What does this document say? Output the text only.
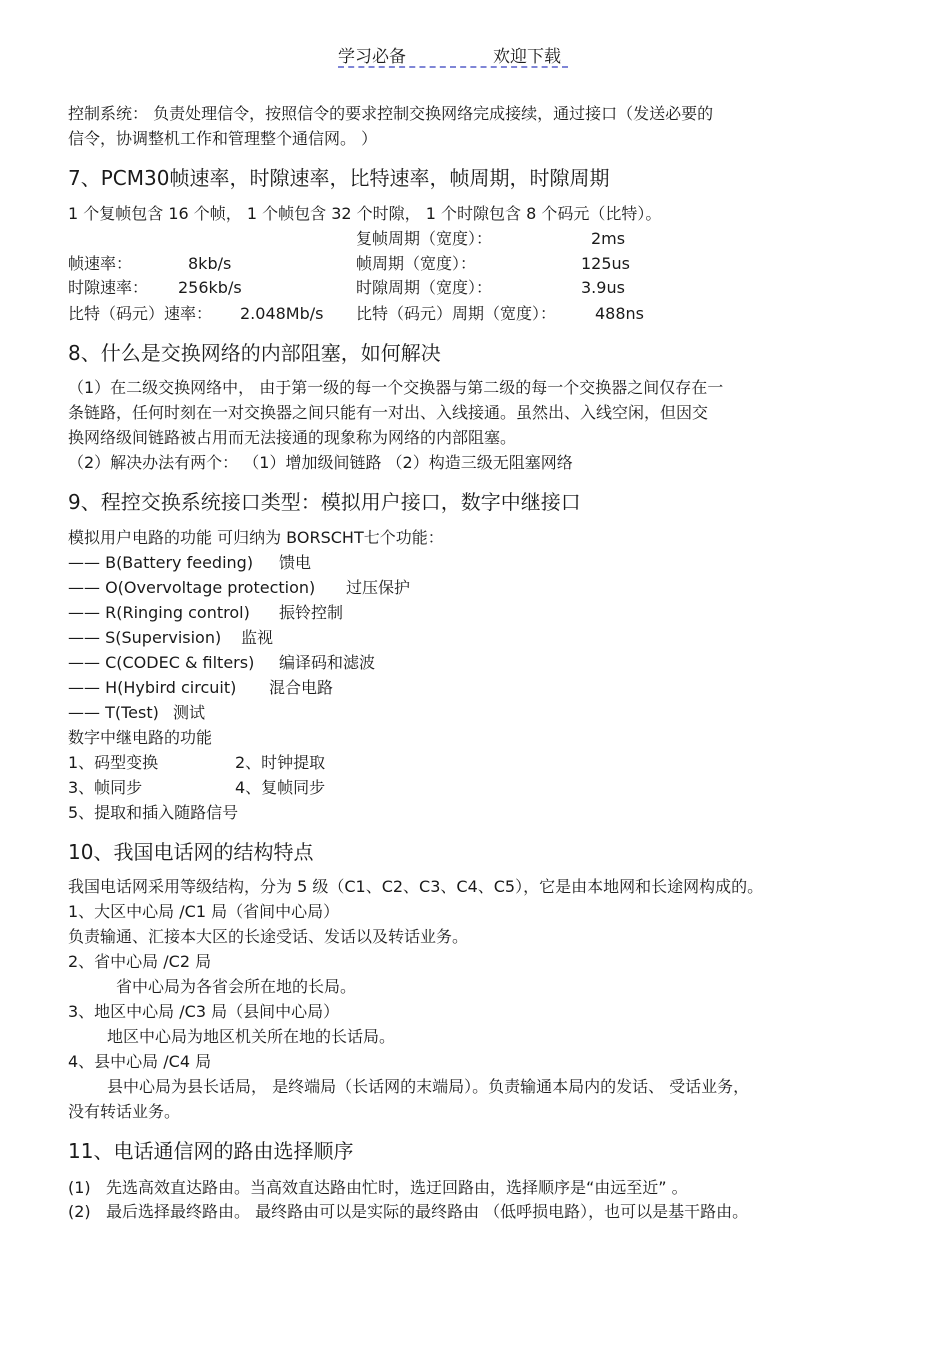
学习必备	欢迎下载
控制系统： 负责处理信令，按照信令的要求控制交换网络完成接续，通过接口（发送必要的
信令，协调整机工作和管理整个通信网。 ）
7、PCM30帧速率，时隙速率，比特速率，帧周期，时隙周期
1 个复帧包含 16 个帧， 1 个帧包含 32 个时隙， 1 个时隙包含 8 个码元（比特）。
复帧周期（宽度）：	2ms
帧速率：	8kb/s	帧周期（宽度）：	125us
时隙速率： 256kb/s	时隙周期（宽度）：	3.9us
比特（码元）速率： 2.048Mb/s 比特（码元）周期（宽度）： 488ns
8、什么是交换网络的内部阻塞，如何解决
（1）在二级交换网络中， 由于第一级的每一个交换器与第二级的每一个交换器之间仅存在一
条链路，任何时刻在一对交换器之间只能有一对出、入线接通。虽然出、入线空闲，但因交
换网络级间链路被占用而无法接通的现象称为网络的内部阻塞。
（2）解决办法有两个： （1）增加级间链路 （2）构造三级无阻塞网络
9、程控交换系统接口类型：模拟用户接口，数字中继接口
模拟用户电路的功能 可归纳为 BORSCHT七个功能：
—— B(Battery feeding) 馈电
—— O(Overvoltage protection) 过压保护
—— R(Ringing control) 振铃控制
—— S(Supervision) 监视
—— C(CODEC & filters) 编译码和滤波
—— H(Hybird circuit) 混合电路
—— T(Test) 测试
数字中继电路的功能
1、码型变换	2、时钟提取
3、帧同步	4、复帧同步
5、提取和插入随路信号
10、我国电话网的结构特点
我国电话网采用等级结构，分为 5 级（C1、C2、C3、C4、C5），它是由本地网和长途网构成的。
1、大区中心局 /C1 局（省间中心局）
负责输通、汇接本大区的长途受话、发话以及转话业务。
2、省中心局 /C2 局
省中心局为各省会所在地的长局。
3、地区中心局 /C3 局（县间中心局）
地区中心局为地区机关所在地的长话局。
4、县中心局 /C4 局
县中心局为县长话局， 是终端局（长话网的末端局）。负责输通本局内的发话、 受话业务，
没有转话业务。
11、电话通信网的路由选择顺序
(1) 先选高效直达路由。当高效直达路由忙时，选迂回路由，选择顺序是“由远至近” 。
(2) 最后选择最终路由。 最终路由可以是实际的最终路由 （低呼损电路），也可以是基干路由。
